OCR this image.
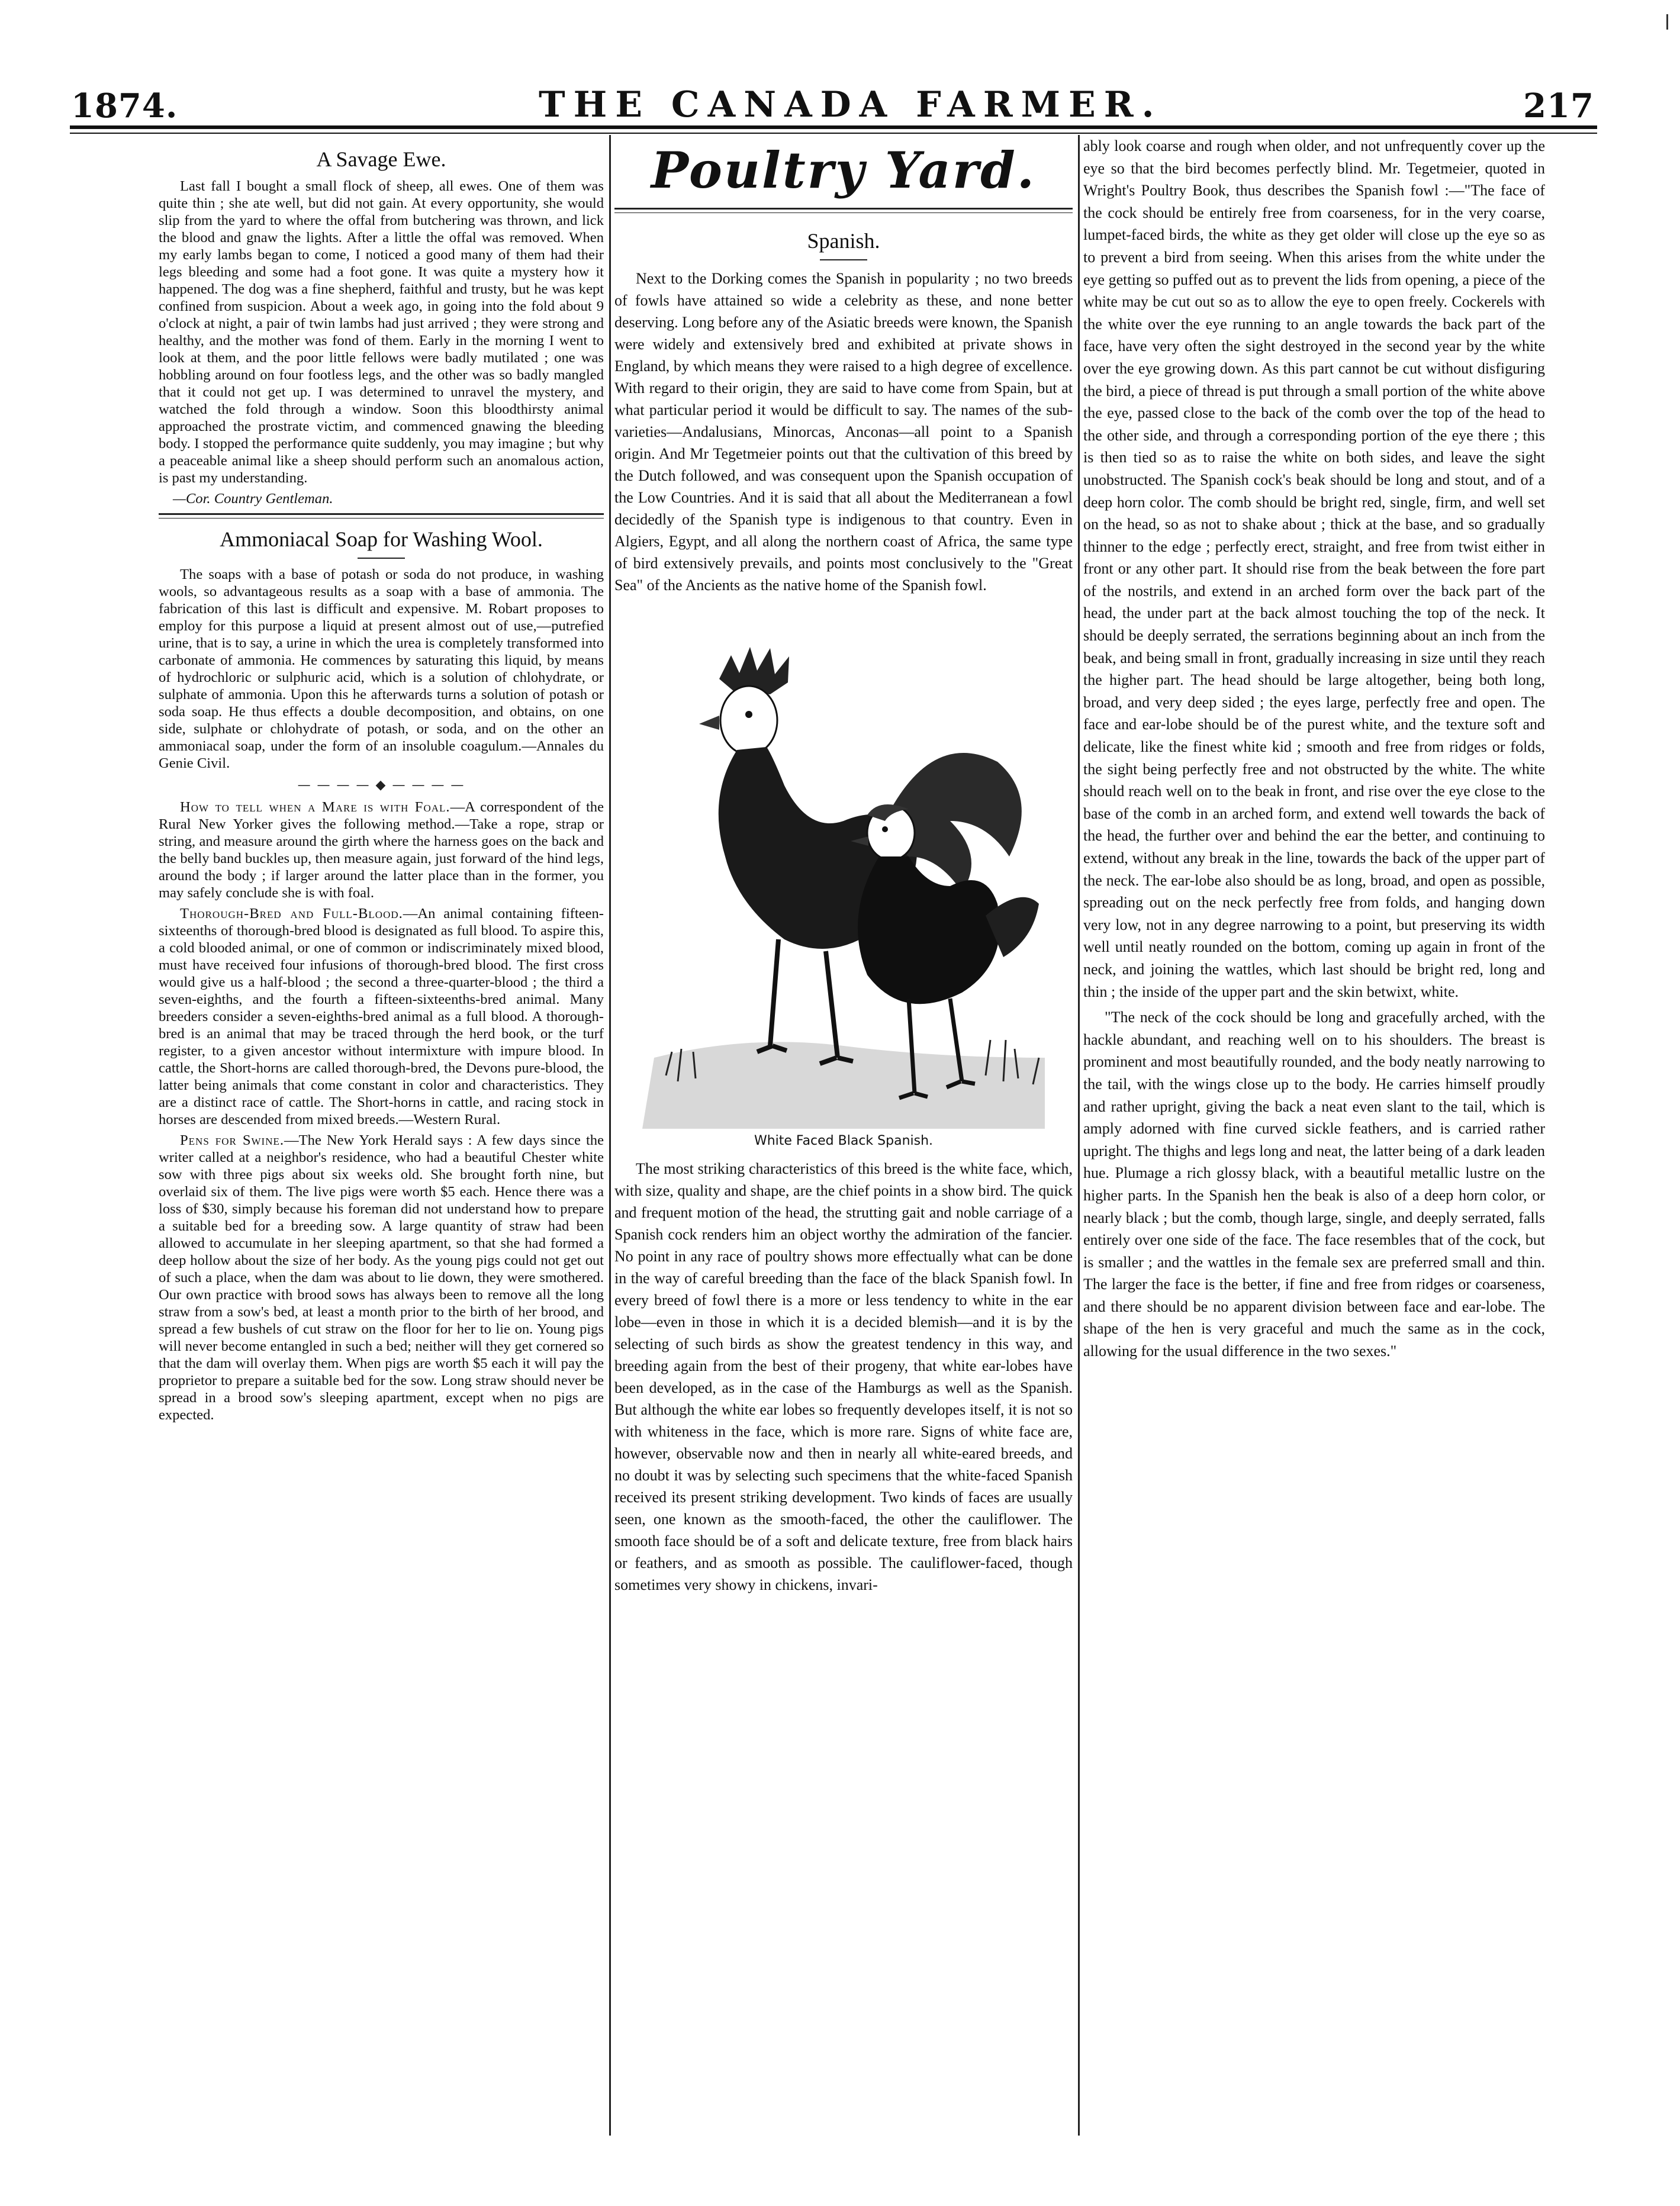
1874.	THE CANADA FARMER.	217
A Savage Ewe.

Last fall I bought a small flock of sheep, all ewes. One of them was quite thin ; she ate well, but did not gain. At every opportunity, she would slip from the yard to where the offal from butchering was thrown, and lick the blood and gnaw the lights. After a little the offal was removed. When my early lambs began to come, I noticed a good many of them had their legs bleeding and some had a foot gone. It was quite a mystery how it happened. The dog was a fine shepherd, faithful and trusty, but he was kept confined from suspicion. About a week ago, in going into the fold about 9 o'clock at night, a pair of twin lambs had just arrived ; they were strong and healthy, and the mother was fond of them. Early in the morning I went to look at them, and the poor little fellows were badly mutilated ; one was hobbling around on four footless legs, and the other was so badly mangled that it could not get up. I was determined to unravel the mystery, and watched the fold through a window. Soon this bloodthirsty animal approached the prostrate victim, and commenced gnawing the bleeding body. I stopped the performance quite suddenly, you may imagine ; but why a peaceable animal like a sheep should perform such an anomalous action, is past my understanding.

—Cor. Country Gentleman.

Ammoniacal Soap for Washing Wool.

The soaps with a base of potash or soda do not produce, in washing wools, so advantageous results as a soap with a base of ammonia. The fabrication of this last is difficult and expensive. M. Robart proposes to employ for this purpose a liquid at present almost out of use,—putrefied urine, that is to say, a urine in which the urea is completely transformed into carbonate of ammonia. He commences by saturating this liquid, by means of hydrochloric or sulphuric acid, which is a solution of chlohydrate, or sulphate of ammonia. Upon this he afterwards turns a solution of potash or soda soap. He thus effects a double decomposition, and obtains, on one side, sulphate or chlohydrate of potash, or soda, and on the other an ammoniacal soap, under the form of an insoluble coagulum.—Annales du Genie Civil.

— — — — ◆ — — — —

How to tell when a Mare is with Foal.—A correspondent of the Rural New Yorker gives the following method.—Take a rope, strap or string, and measure around the girth where the harness goes on the back and the belly band buckles up, then measure again, just forward of the hind legs, around the body ; if larger around the latter place than in the former, you may safely conclude she is with foal.

Thorough-Bred and Full-Blood.—An animal containing fifteen-sixteenths of thorough-bred blood is designated as full blood. To aspire this, a cold blooded animal, or one of common or indiscriminately mixed blood, must have received four infusions of thorough-bred blood. The first cross would give us a half-blood ; the second a three-quarter-blood ; the third a seven-eighths, and the fourth a fifteen-sixteenths-bred animal. Many breeders consider a seven-eighths-bred animal as a full blood. A thorough-bred is an animal that may be traced through the herd book, or the turf register, to a given ancestor without intermixture with impure blood. In cattle, the Short-horns are called thorough-bred, the Devons pure-blood, the latter being animals that come constant in color and characteristics. They are a distinct race of cattle. The Short-horns in cattle, and racing stock in horses are descended from mixed breeds.—Western Rural.

Pens for Swine.—The New York Herald says : A few days since the writer called at a neighbor's residence, who had a beautiful Chester white sow with three pigs about six weeks old. She brought forth nine, but overlaid six of them. The live pigs were worth $5 each. Hence there was a loss of $30, simply because his foreman did not understand how to prepare a suitable bed for a breeding sow. A large quantity of straw had been allowed to accumulate in her sleeping apartment, so that she had formed a deep hollow about the size of her body. As the young pigs could not get out of such a place, when the dam was about to lie down, they were smothered. Our own practice with brood sows has always been to remove all the long straw from a sow's bed, at least a month prior to the birth of her brood, and spread a few bushels of cut straw on the floor for her to lie on. Young pigs will never become entangled in such a bed; neither will they get cornered so that the dam will overlay them. When pigs are worth $5 each it will pay the proprietor to prepare a suitable bed for the sow. Long straw should never be spread in a brood sow's sleeping apartment, except when no pigs are expected.

Poultry Yard.
Spanish.

Next to the Dorking comes the Spanish in popularity ; no two breeds of fowls have attained so wide a celebrity as these, and none better deserving. Long before any of the Asiatic breeds were known, the Spanish were widely and extensively bred and exhibited at private shows in England, by which means they were raised to a high degree of excellence. With regard to their origin, they are said to have come from Spain, but at what particular period it would be difficult to say. The names of the sub-varieties—Andalusians, Minorcas, Anconas—all point to a Spanish origin. And Mr Tegetmeier points out that the cultivation of this breed by the Dutch followed, and was consequent upon the Spanish occupation of the Low Countries. And it is said that all about the Mediterranean a fowl decidedly of the Spanish type is indigenous to that country. Even in Algiers, Egypt, and all along the northern coast of Africa, the same type of bird extensively prevails, and points most conclusively to the "Great Sea" of the Ancients as the native home of the Spanish fowl.

White Faced Black Spanish.

The most striking characteristics of this breed is the white face, which, with size, quality and shape, are the chief points in a show bird. The quick and frequent motion of the head, the strutting gait and noble carriage of a Spanish cock renders him an object worthy the admiration of the fancier. No point in any race of poultry shows more effectually what can be done in the way of careful breeding than the face of the black Spanish fowl. In every breed of fowl there is a more or less tendency to white in the ear lobe—even in those in which it is a decided blemish—and it is by the selecting of such birds as show the greatest tendency in this way, and breeding again from the best of their progeny, that white ear-lobes have been developed, as in the case of the Hamburgs as well as the Spanish. But although the white ear lobes so frequently developes itself, it is not so with whiteness in the face, which is more rare. Signs of white face are, however, observable now and then in nearly all white-eared breeds, and no doubt it was by selecting such specimens that the white-faced Spanish received its present striking development. Two kinds of faces are usually seen, one known as the smooth-faced, the other the cauliflower. The smooth face should be of a soft and delicate texture, free from black hairs or feathers, and as smooth as possible. The cauliflower-faced, though sometimes very showy in chickens, invari-

ably look coarse and rough when older, and not unfrequently cover up the eye so that the bird becomes perfectly blind. Mr. Tegetmeier, quoted in Wright's Poultry Book, thus describes the Spanish fowl :—"The face of the cock should be entirely free from coarseness, for in the very coarse, lumpet-faced birds, the white as they get older will close up the eye so as to prevent a bird from seeing. When this arises from the white under the eye getting so puffed out as to prevent the lids from opening, a piece of the white may be cut out so as to allow the eye to open freely. Cockerels with the white over the eye running to an angle towards the back part of the face, have very often the sight destroyed in the second year by the white over the eye growing down. As this part cannot be cut without disfiguring the bird, a piece of thread is put through a small portion of the white above the eye, passed close to the back of the comb over the top of the head to the other side, and through a corresponding portion of the eye there ; this is then tied so as to raise the white on both sides, and leave the sight unobstructed. The Spanish cock's beak should be long and stout, and of a deep horn color. The comb should be bright red, single, firm, and well set on the head, so as not to shake about ; thick at the base, and so gradually thinner to the edge ; perfectly erect, straight, and free from twist either in front or any other part. It should rise from the beak between the fore part of the nostrils, and extend in an arched form over the back part of the head, the under part at the back almost touching the top of the neck. It should be deeply serrated, the serrations beginning about an inch from the beak, and being small in front, gradually increasing in size until they reach the higher part. The head should be large altogether, being both long, broad, and very deep sided ; the eyes large, perfectly free and open. The face and ear-lobe should be of the purest white, and the texture soft and delicate, like the finest white kid ; smooth and free from ridges or folds, the sight being perfectly free and not obstructed by the white. The white should reach well on to the beak in front, and rise over the eye close to the base of the comb in an arched form, and extend well towards the back of the head, the further over and behind the ear the better, and continuing to extend, without any break in the line, towards the back of the upper part of the neck. The ear-lobe also should be as long, broad, and open as possible, spreading out on the neck perfectly free from folds, and hanging down very low, not in any degree narrowing to a point, but preserving its width well until neatly rounded on the bottom, coming up again in front of the neck, and joining the wattles, which last should be bright red, long and thin ; the inside of the upper part and the skin betwixt, white.

"The neck of the cock should be long and gracefully arched, with the hackle abundant, and reaching well on to his shoulders. The breast is prominent and most beautifully rounded, and the body neatly narrowing to the tail, with the wings close up to the body. He carries himself proudly and rather upright, giving the back a neat even slant to the tail, which is amply adorned with fine curved sickle feathers, and is carried rather upright. The thighs and legs long and neat, the latter being of a dark leaden hue. Plumage a rich glossy black, with a beautiful metallic lustre on the higher parts. In the Spanish hen the beak is also of a deep horn color, or nearly black ; but the comb, though large, single, and deeply serrated, falls entirely over one side of the face. The face resembles that of the cock, but is smaller ; and the wattles in the female sex are preferred small and thin. The larger the face is the better, if fine and free from ridges or coarseness, and there should be no apparent division between face and ear-lobe. The shape of the hen is very graceful and much the same as in the cock, allowing for the usual difference in the two sexes."
